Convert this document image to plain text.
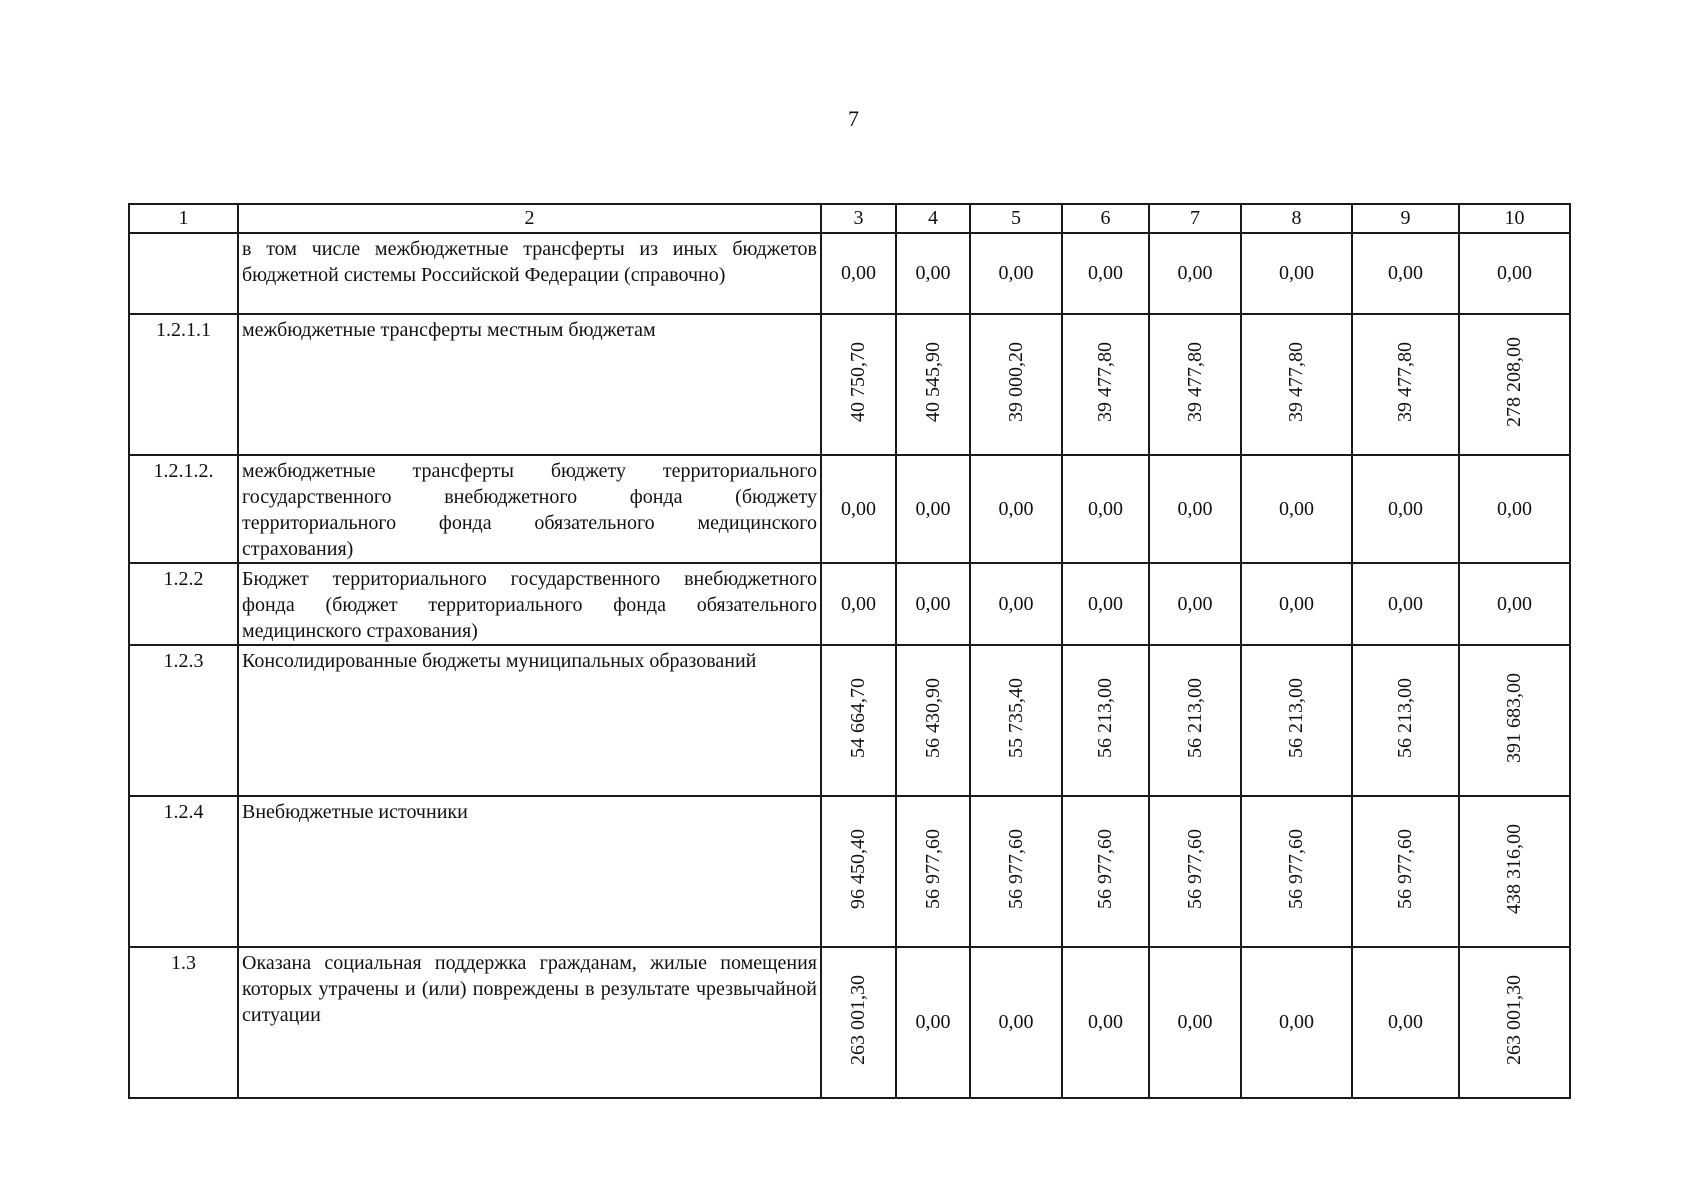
7
1	2	3	4	5	6	7	8	9	10
	в том числе межбюджетные трансферты из иных бюджетов бюджетной системы Российской Федерации (справочно)	0,00	0,00	0,00	0,00	0,00	0,00	0,00	0,00
1.2.1.1	межбюджетные трансферты местным бюджетам	40 750,70	40 545,90	39 000,20	39 477,80	39 477,80	39 477,80	39 477,80	278 208,00
1.2.1.2.	межбюджетные трансферты бюджету территориального государственного внебюджетного фонда (бюджету территориального фонда обязательного медицинского страхования)	0,00	0,00	0,00	0,00	0,00	0,00	0,00	0,00
1.2.2	Бюджет территориального государственного внебюджетного фонда (бюджет территориального фонда обязательного медицинского страхования)	0,00	0,00	0,00	0,00	0,00	0,00	0,00	0,00
1.2.3	Консолидированные бюджеты муниципальных образований	54 664,70	56 430,90	55 735,40	56 213,00	56 213,00	56 213,00	56 213,00	391 683,00
1.2.4	Внебюджетные источники	96 450,40	56 977,60	56 977,60	56 977,60	56 977,60	56 977,60	56 977,60	438 316,00
1.3	Оказана социальная поддержка гражданам, жилые помещения которых утрачены и (или) повреждены в результате чрезвычайной ситуации	263 001,30	0,00	0,00	0,00	0,00	0,00	0,00	263 001,30
